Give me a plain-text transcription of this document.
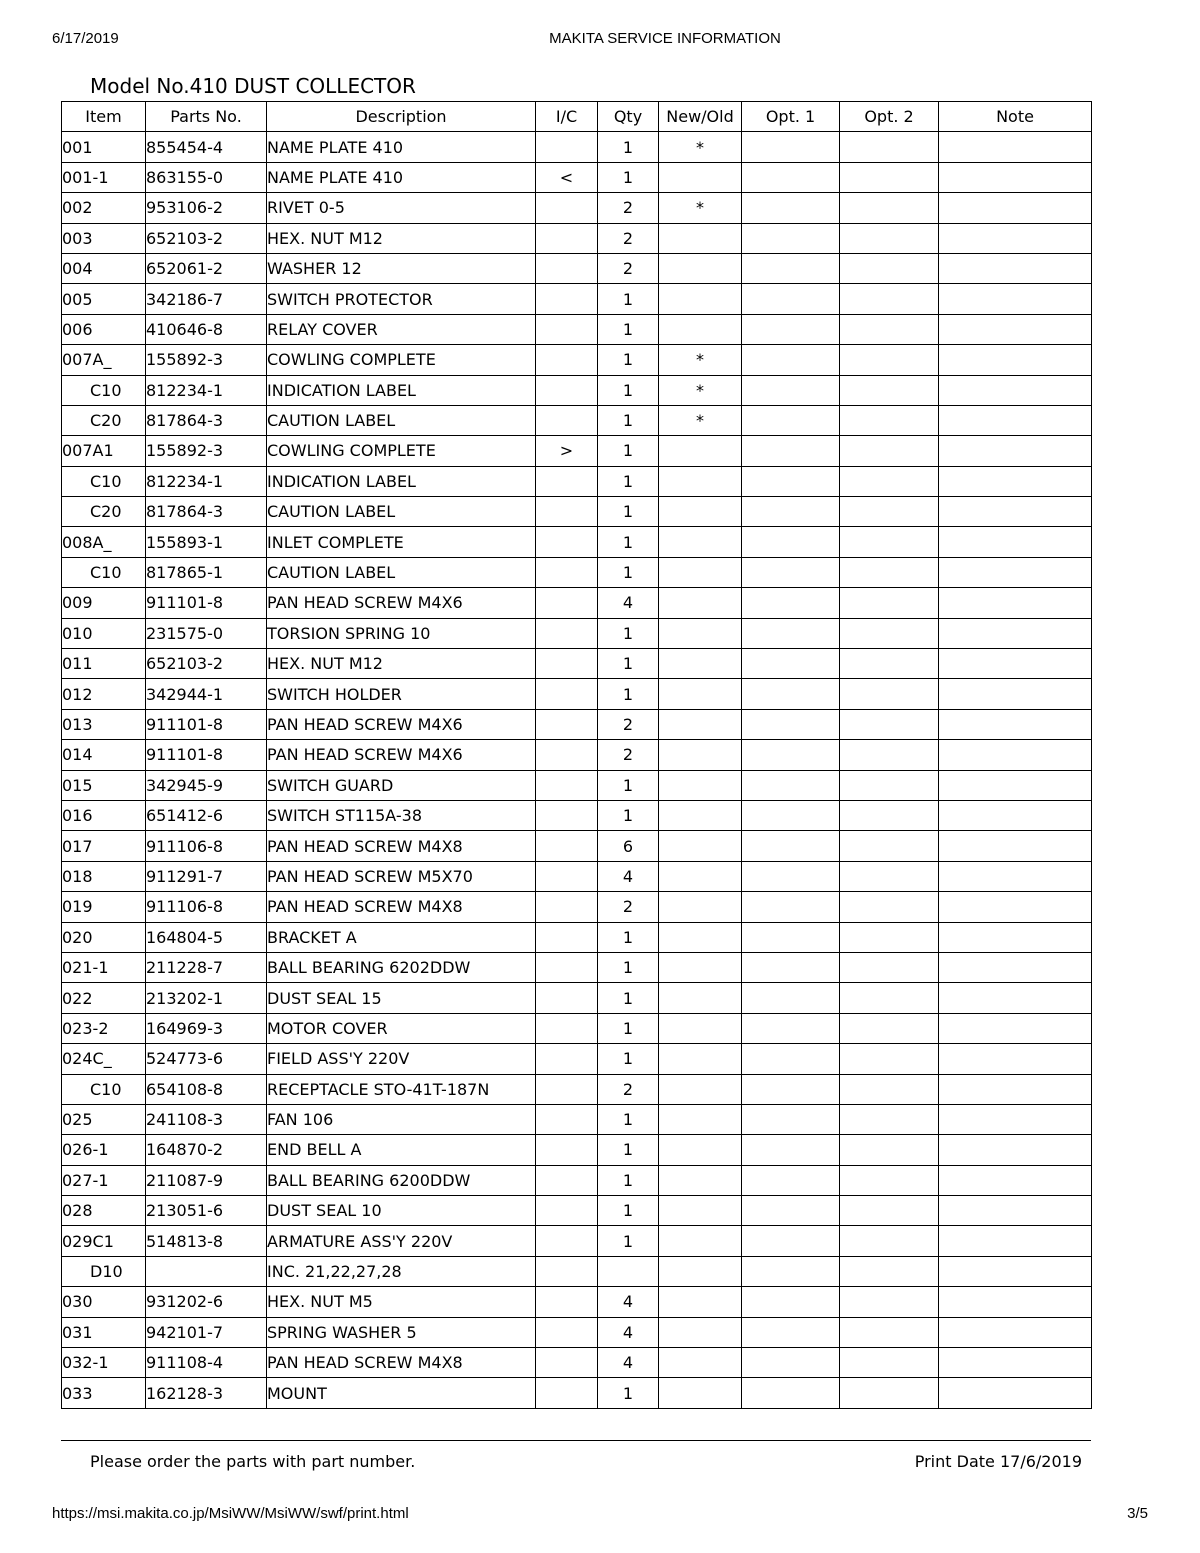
6/17/2019	MAKITA SERVICE INFORMATION
Model No.410 DUST COLLECTOR
Item	Parts No.	Description	I/C	Qty	New/Old	Opt. 1	Opt. 2	Note
001	855454-4	NAME PLATE 410		1	*			
001-1	863155-0	NAME PLATE 410	<	1				
002	953106-2	RIVET 0-5		2	*			
003	652103-2	HEX. NUT M12		2				
004	652061-2	WASHER 12		2				
005	342186-7	SWITCH PROTECTOR		1				
006	410646-8	RELAY COVER		1				
007A_	155892-3	COWLING COMPLETE		1	*			
C10	812234-1	INDICATION LABEL		1	*			
C20	817864-3	CAUTION LABEL		1	*			
007A1	155892-3	COWLING COMPLETE	>	1				
C10	812234-1	INDICATION LABEL		1				
C20	817864-3	CAUTION LABEL		1				
008A_	155893-1	INLET COMPLETE		1				
C10	817865-1	CAUTION LABEL		1				
009	911101-8	PAN HEAD SCREW M4X6		4				
010	231575-0	TORSION SPRING 10		1				
011	652103-2	HEX. NUT M12		1				
012	342944-1	SWITCH HOLDER		1				
013	911101-8	PAN HEAD SCREW M4X6		2				
014	911101-8	PAN HEAD SCREW M4X6		2				
015	342945-9	SWITCH GUARD		1				
016	651412-6	SWITCH ST115A-38		1				
017	911106-8	PAN HEAD SCREW M4X8		6				
018	911291-7	PAN HEAD SCREW M5X70		4				
019	911106-8	PAN HEAD SCREW M4X8		2				
020	164804-5	BRACKET A		1				
021-1	211228-7	BALL BEARING 6202DDW		1				
022	213202-1	DUST SEAL 15		1				
023-2	164969-3	MOTOR COVER		1				
024C_	524773-6	FIELD ASS'Y 220V		1				
C10	654108-8	RECEPTACLE STO-41T-187N		2				
025	241108-3	FAN 106		1				
026-1	164870-2	END BELL A		1				
027-1	211087-9	BALL BEARING 6200DDW		1				
028	213051-6	DUST SEAL 10		1				
029C1	514813-8	ARMATURE ASS'Y 220V		1				
D10		INC. 21,22,27,28						
030	931202-6	HEX. NUT M5		4				
031	942101-7	SPRING WASHER 5		4				
032-1	911108-4	PAN HEAD SCREW M4X8		4				
033	162128-3	MOUNT		1				
Please order the parts with part number.	Print Date 17/6/2019
https://msi.makita.co.jp/MsiWW/MsiWW/swf/print.html	3/5
